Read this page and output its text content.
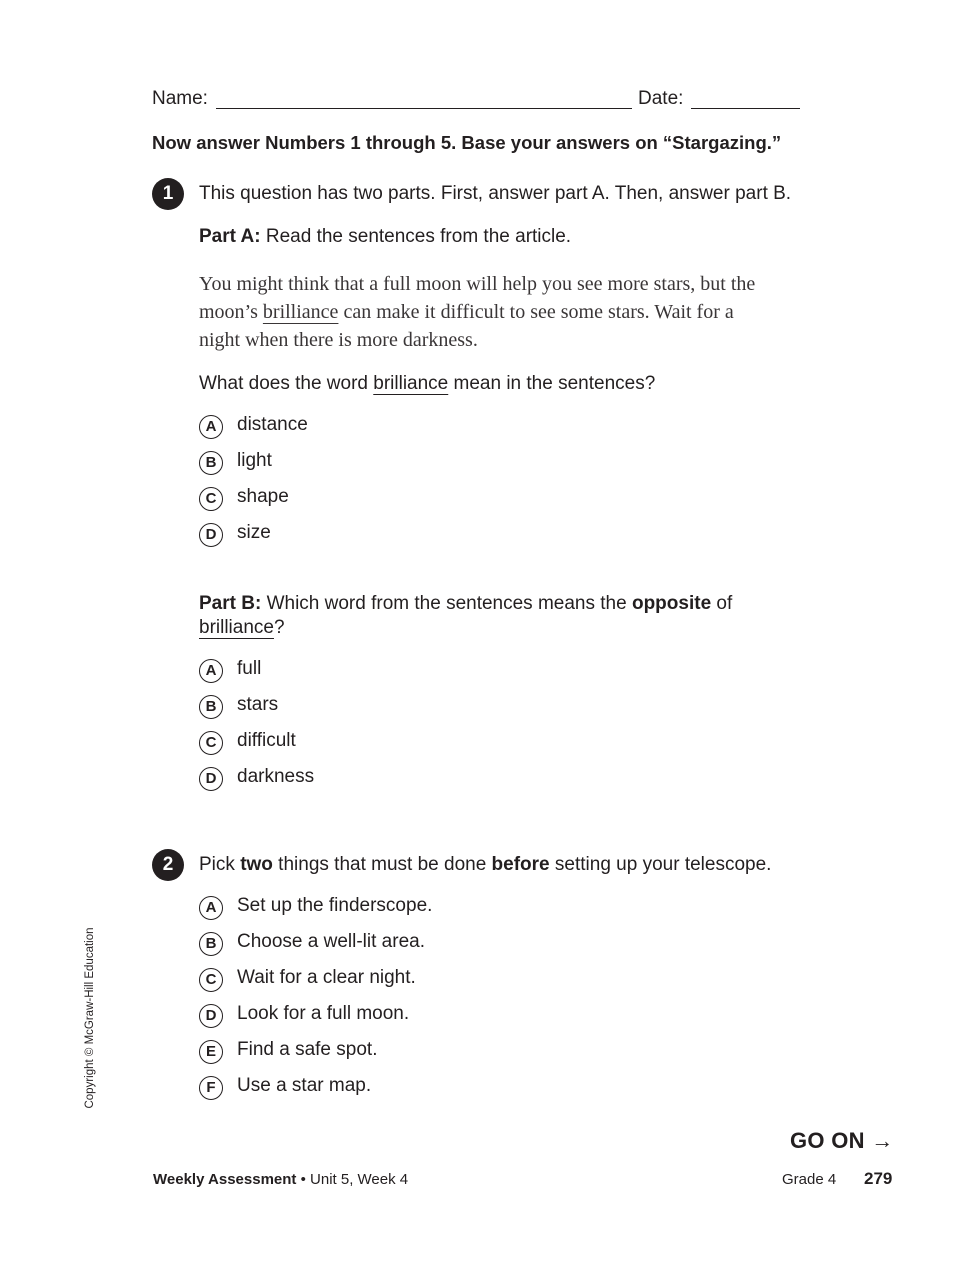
Name:	Date:
Now answer Numbers 1 through 5. Base your answers on “Stargazing.”
1	This question has two parts. First, answer part A. Then, answer part B.
Part A: Read the sentences from the article.
You might think that a full moon will help you see more stars, but the
moon’s brilliance can make it difficult to see some stars. Wait for a
night when there is more darkness.
What does the word brilliance mean in the sentences?
A	distance
B	light
C	shape
D	size
Part B: Which word from the sentences means the opposite of
brilliance?
A	full
B	stars
C	difficult
D	darkness
2	Pick two things that must be done before setting up your telescope.
A	Set up the finderscope.
B	Choose a well-lit area.
C	Wait for a clear night.
D	Look for a full moon.
E	Find a safe spot.
F	Use a star map.
Copyright © McGraw-Hill Education
GO ON →
Weekly Assessment • Unit 5, Week 4	Grade 4 279
